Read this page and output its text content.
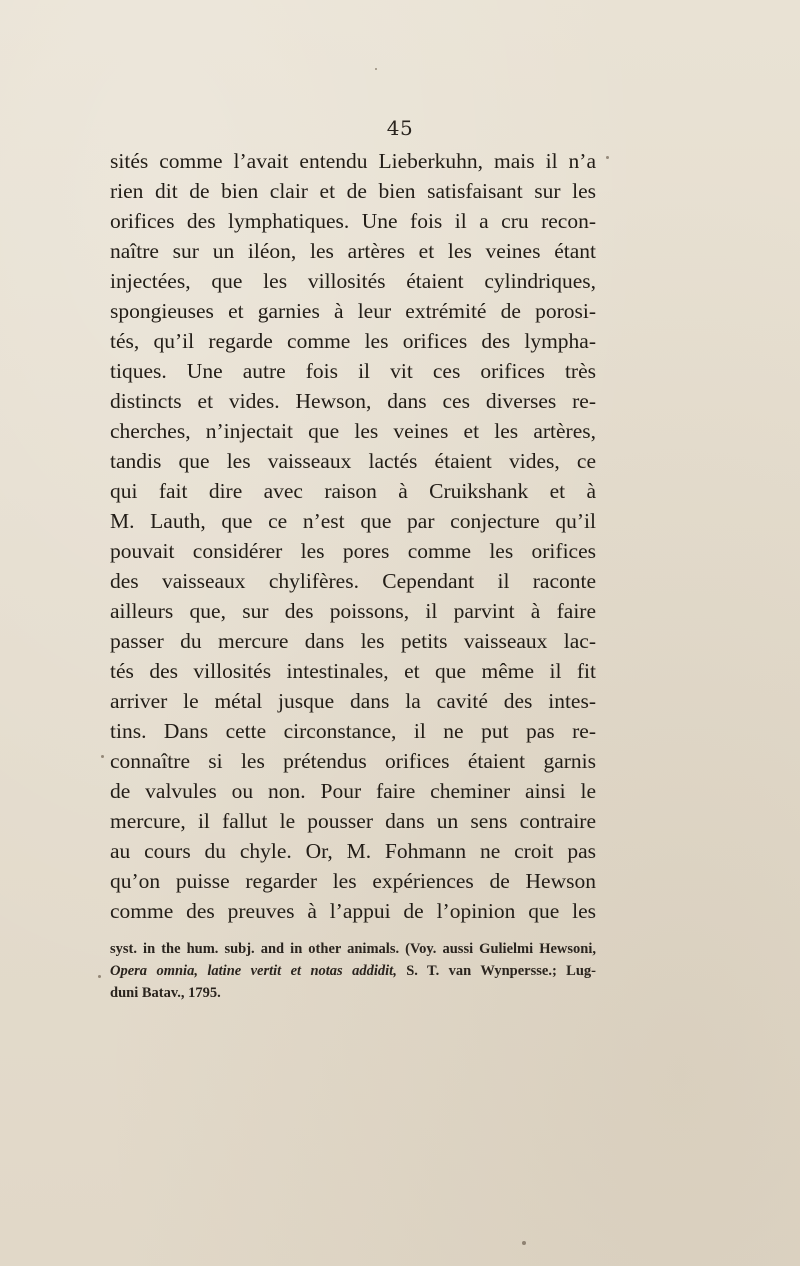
45
sités comme l’avait entendu Lieberkuhn, mais il n’a
rien dit de bien clair et de bien satisfaisant sur les
orifices des lymphatiques. Une fois il a cru recon-
naître sur un iléon, les artères et les veines étant
injectées, que les villosités étaient cylindriques,
spongieuses et garnies à leur extrémité de porosi-
tés, qu’il regarde comme les orifices des lympha-
tiques. Une autre fois il vit ces orifices très
distincts et vides. Hewson, dans ces diverses re-
cherches, n’injectait que les veines et les artères,
tandis que les vaisseaux lactés étaient vides, ce
qui fait dire avec raison à Cruikshank et à
M. Lauth, que ce n’est que par conjecture qu’il
pouvait considérer les pores comme les orifices
des vaisseaux chylifères. Cependant il raconte
ailleurs que, sur des poissons, il parvint à faire
passer du mercure dans les petits vaisseaux lac-
tés des villosités intestinales, et que même il fit
arriver le métal jusque dans la cavité des intes-
tins. Dans cette circonstance, il ne put pas re-
connaître si les prétendus orifices étaient garnis
de valvules ou non. Pour faire cheminer ainsi le
mercure, il fallut le pousser dans un sens contraire
au cours du chyle. Or, M. Fohmann ne croit pas
qu’on puisse regarder les expériences de Hewson
comme des preuves à l’appui de l’opinion que les
syst. in the hum. subj. and in other animals. (Voy. aussi Gulielmi Hewsoni,
Opera omnia, latine vertit et notas addidit, S. T. van Wynpersse.; Lug-
duni Batav., 1795.
